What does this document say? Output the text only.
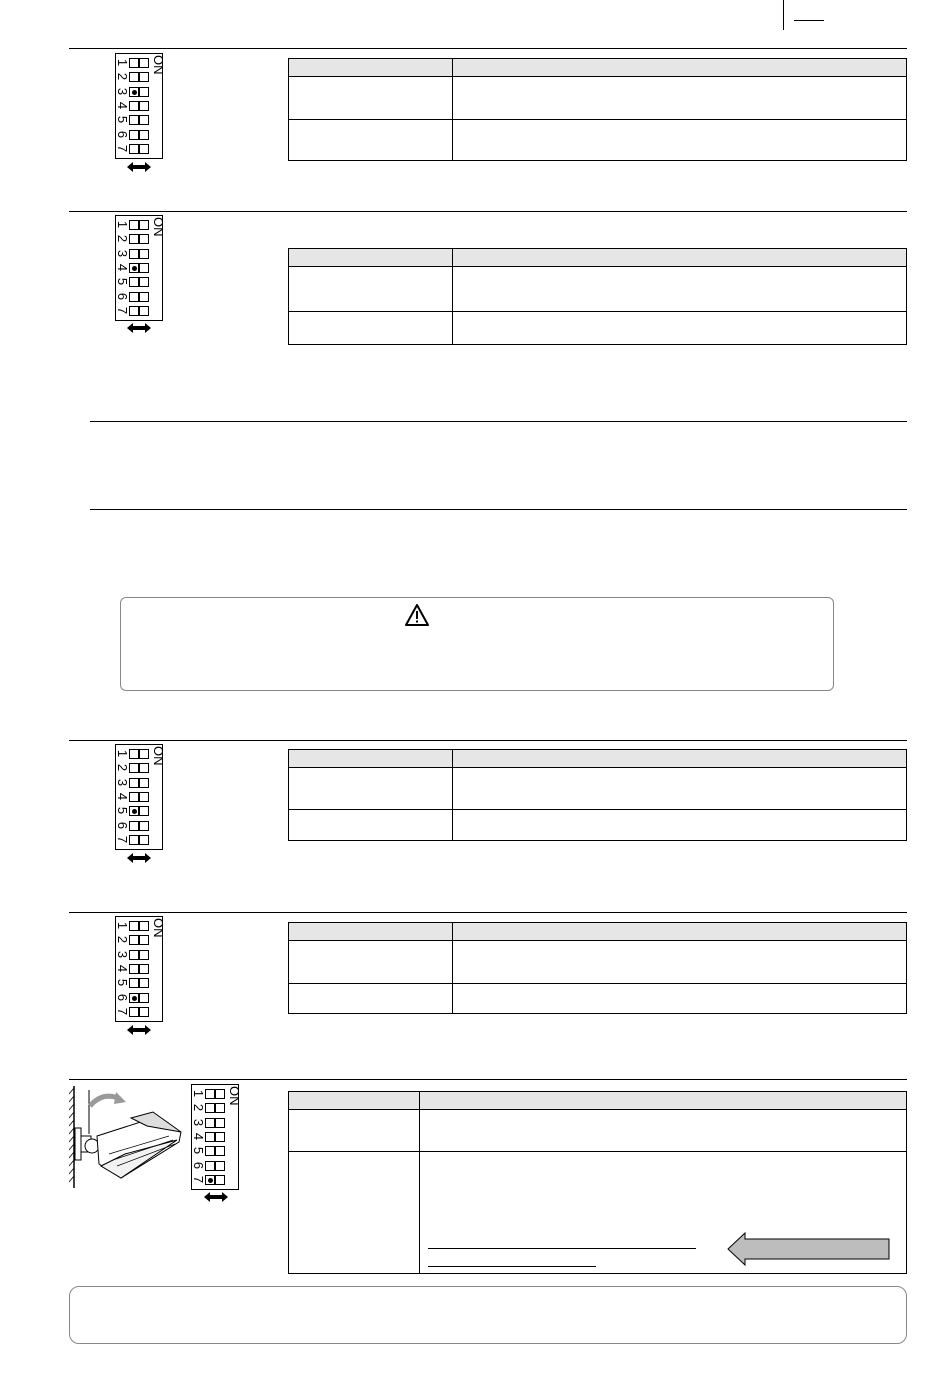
ON
1
2
3
4
5
6
7

ON
1
2
3
4
5
6
7

ON
1
2
3
4
5
6
7

ON
1
2
3
4
5
6
7

ON
1
2
3
4
5
6
7
